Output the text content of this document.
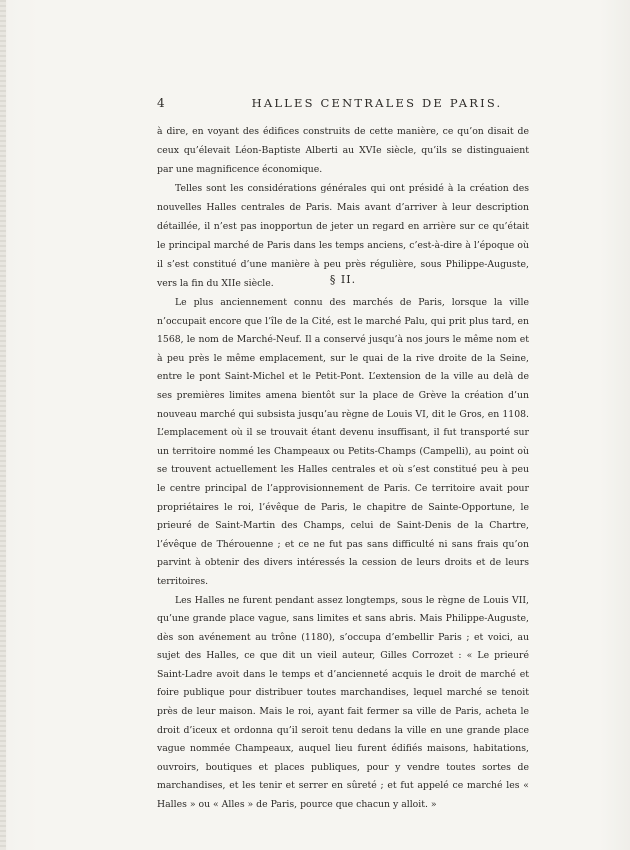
4	HALLES CENTRALES DE PARIS.

à dire, en voyant des édifices construits de cette manière, ce qu’on disait de ceux qu’élevait Léon-Baptiste Alberti au XVIe siècle, qu’ils se distinguaient par une magnificence économique.

Telles sont les considérations générales qui ont présidé à la création des nouvelles Halles centrales de Paris. Mais avant d’arriver à leur description détaillée, il n’est pas inopportun de jeter un regard en arrière sur ce qu’était le principal marché de Paris dans les temps anciens, c’est-à-dire à l’époque où il s’est constitué d’une manière à peu près régulière, sous Philippe-Auguste, vers la fin du XIIe siècle.	§ II.

Le plus anciennement connu des marchés de Paris, lorsque la ville n’occupait encore que l’île de la Cité, est le marché Palu, qui prit plus tard, en 1568, le nom de Marché-Neuf. Il a conservé jusqu’à nos jours le même nom et à peu près le même emplacement, sur le quai de la rive droite de la Seine, entre le pont Saint-Michel et le Petit-Pont. L’extension de la ville au delà de ses premières limites amena bientôt sur la place de Grève la création d’un nouveau marché qui subsista jusqu’au règne de Louis VI, dit le Gros, en 1108. L’emplacement où il se trouvait étant devenu insuffisant, il fut transporté sur un territoire nommé les Champeaux ou Petits-Champs (Campelli), au point où se trouvent actuellement les Halles centrales et où s’est constitué peu à peu le centre principal de l’approvisionnement de Paris. Ce territoire avait pour propriétaires le roi, l’évêque de Paris, le chapitre de Sainte-Opportune, le prieuré de Saint-Martin des Champs, celui de Saint-Denis de la Chartre, l’évêque de Thérouenne ; et ce ne fut pas sans difficulté ni sans frais qu’on parvint à obtenir des divers intéressés la cession de leurs droits et de leurs territoires.

Les Halles ne furent pendant assez longtemps, sous le règne de Louis VII, qu’une grande place vague, sans limites et sans abris. Mais Philippe-Auguste, dès son avénement au trône (1180), s’occupa d’embellir Paris ; et voici, au sujet des Halles, ce que dit un vieil auteur, Gilles Corrozet : « Le prieuré Saint-Ladre avoit dans le temps et d’ancienneté acquis le droit de marché et foire publique pour distribuer toutes marchandises, lequel marché se tenoit près de leur maison. Mais le roi, ayant fait fermer sa ville de Paris, acheta le droit d’iceux et ordonna qu’il seroit tenu dedans la ville en une grande place vague nommée Champeaux, auquel lieu furent édifiés maisons, habitations, ouvroirs, boutiques et places publiques, pour y vendre toutes sortes de marchandises, et les tenir et serrer en sûreté ; et fut appelé ce marché les « Halles » ou « Alles » de Paris, pource que chacun y alloit. »
